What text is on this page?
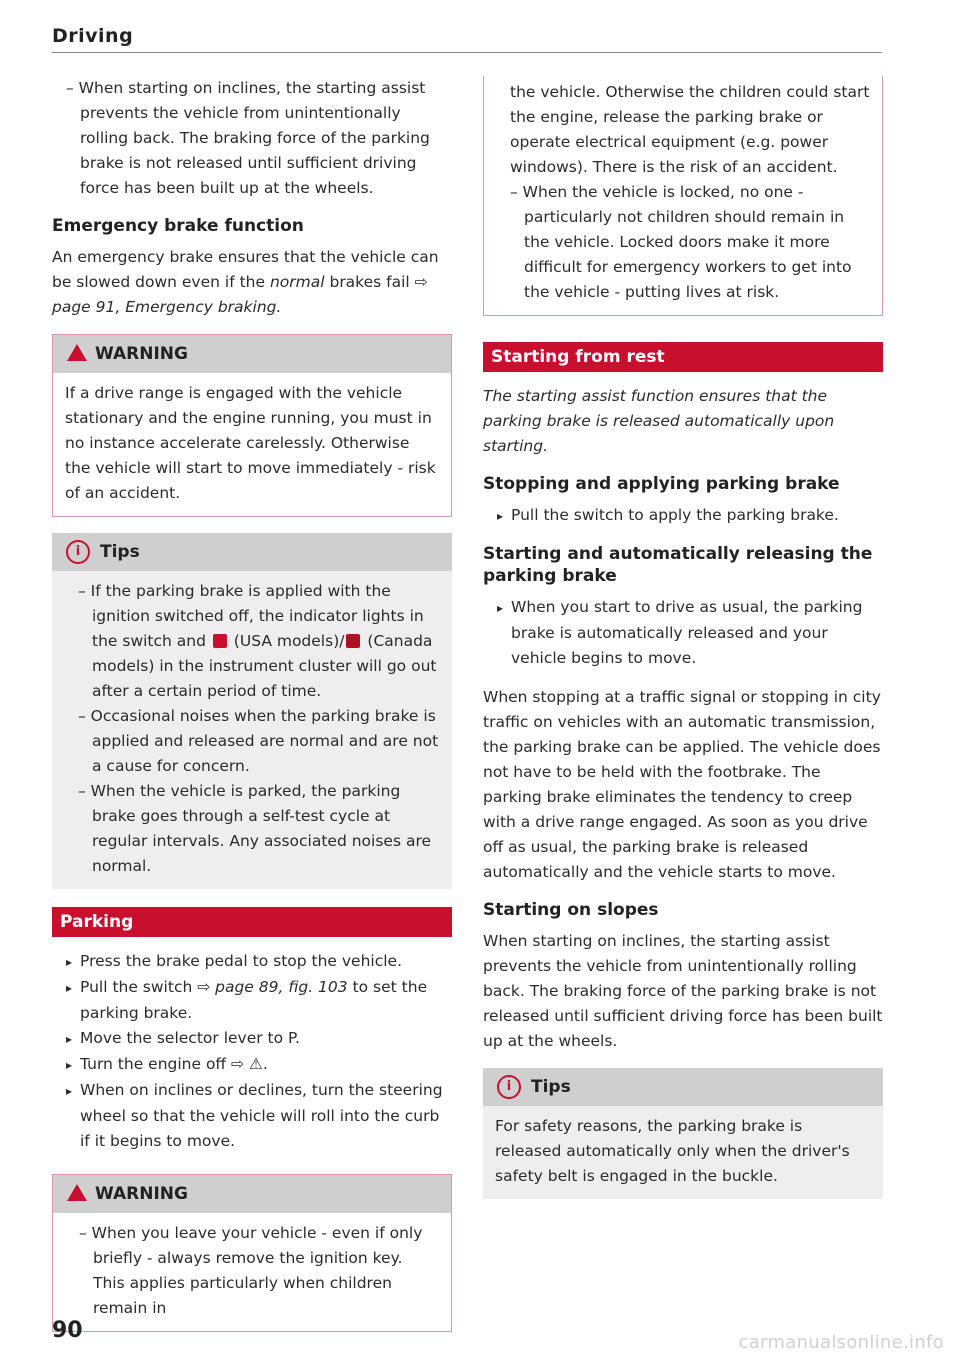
Driving

– When starting on inclines, the starting assist prevents the vehicle from unintentionally rolling back. The braking force of the parking brake is not released until sufficient driving force has been built up at the wheels.

Emergency brake function

An emergency brake ensures that the vehicle can be slowed down even if the normal brakes fail ⇨ page 91, Emergency braking.

WARNING

If a drive range is engaged with the vehicle stationary and the engine running, you must in no instance accelerate carelessly. Otherwise the vehicle will start to move immediately - risk of an accident.

i Tips

– If the parking brake is applied with the ignition switched off, the indicator lights in the switch and  (USA models)/ (Canada models) in the instrument cluster will go out after a certain period of time.

– Occasional noises when the parking brake is applied and released are normal and are not a cause for concern.

– When the vehicle is parked, the parking brake goes through a self-test cycle at regular intervals. Any associated noises are normal.

Parking

▸ Press the brake pedal to stop the vehicle.

▸ Pull the switch ⇨ page 89, fig. 103 to set the parking brake.

▸ Move the selector lever to P.

▸ Turn the engine off ⇨ ⚠.

▸ When on inclines or declines, turn the steering wheel so that the vehicle will roll into the curb if it begins to move.

WARNING

– When you leave your vehicle - even if only briefly - always remove the ignition key. This applies particularly when children remain in

the vehicle. Otherwise the children could start the engine, release the parking brake or operate electrical equipment (e.g. power windows). There is the risk of an accident.

– When the vehicle is locked, no one - particularly not children should remain in the vehicle. Locked doors make it more difficult for emergency workers to get into the vehicle - putting lives at risk.

Starting from rest

The starting assist function ensures that the parking brake is released automatically upon starting.

Stopping and applying parking brake

▸ Pull the switch to apply the parking brake.

Starting and automatically releasing the parking brake

▸ When you start to drive as usual, the parking brake is automatically released and your vehicle begins to move.

When stopping at a traffic signal or stopping in city traffic on vehicles with an automatic transmission, the parking brake can be applied. The vehicle does not have to be held with the footbrake. The parking brake eliminates the tendency to creep with a drive range engaged. As soon as you drive off as usual, the parking brake is released automatically and the vehicle starts to move.

Starting on slopes

When starting on inclines, the starting assist prevents the vehicle from unintentionally rolling back. The braking force of the parking brake is not released until sufficient driving force has been built up at the wheels.

i Tips

For safety reasons, the parking brake is released automatically only when the driver's safety belt is engaged in the buckle.

90	carmanualsonline.info
